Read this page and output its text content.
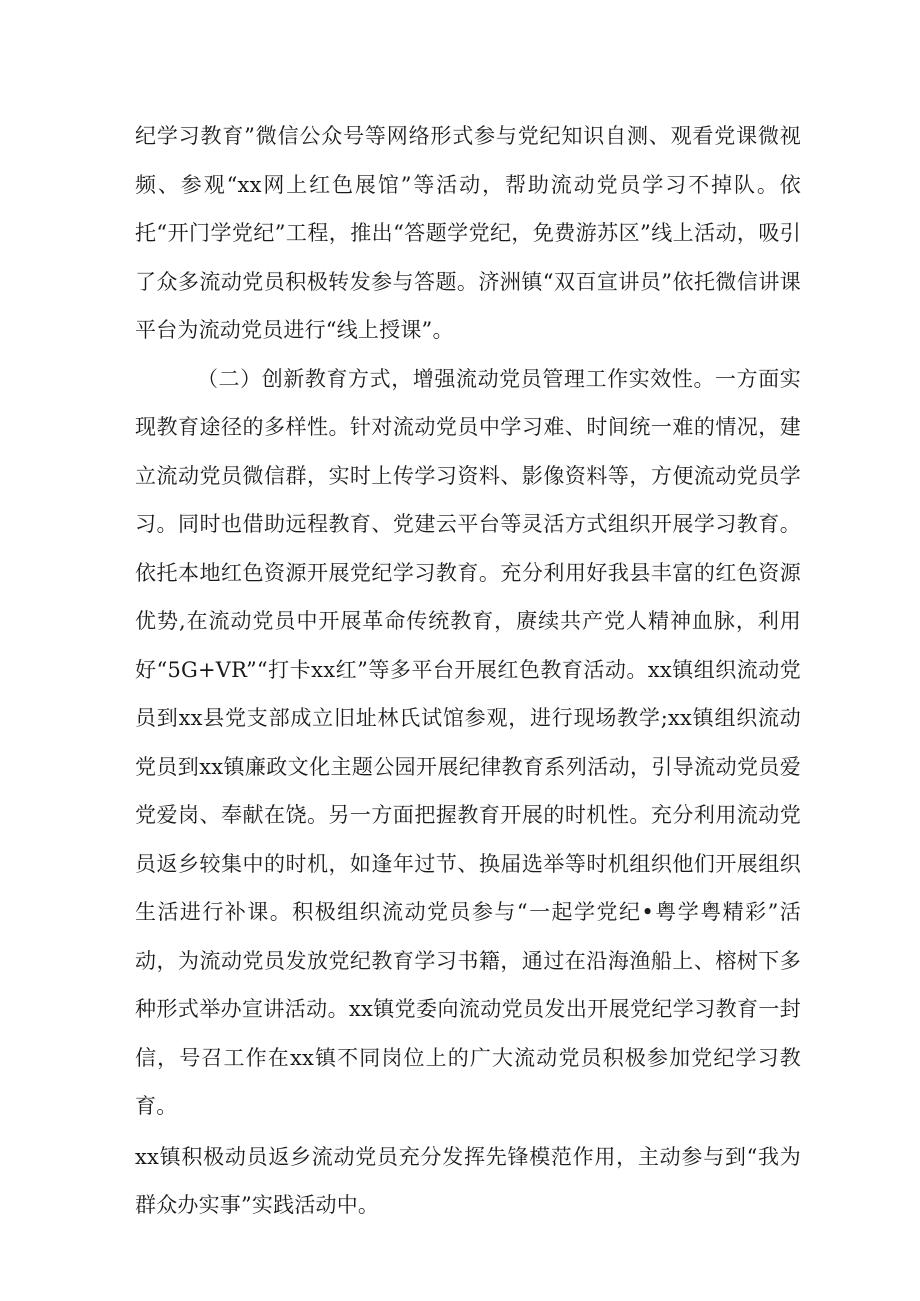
纪学习教育”微信公众号等网络形式参与党纪知识自测、观看党课微视频、参观“xx网上红色展馆”等活动，帮助流动党员学习不掉队。依托“开门学党纪”工程，推出“答题学党纪，免费游苏区”线上活动，吸引了众多流动党员积极转发参与答题。济洲镇“双百宣讲员”依托微信讲课平台为流动党员进行“线上授课”。

（二）创新教育方式，增强流动党员管理工作实效性。一方面实现教育途径的多样性。针对流动党员中学习难、时间统一难的情况，建立流动党员微信群，实时上传学习资料、影像资料等，方便流动党员学习。同时也借助远程教育、党建云平台等灵活方式组织开展学习教育。依托本地红色资源开展党纪学习教育。充分利用好我县丰富的红色资源优势,在流动党员中开展革命传统教育，赓续共产党人精神血脉，利用好“5G+VR”“打卡xx红”等多平台开展红色教育活动。xx镇组织流动党员到xx县党支部成立旧址林氏试馆参观，进行现场教学;xx镇组织流动党员到xx镇廉政文化主题公园开展纪律教育系列活动，引导流动党员爱党爱岗、奉献在饶。另一方面把握教育开展的时机性。充分利用流动党员返乡较集中的时机，如逢年过节、换届选举等时机组织他们开展组织生活进行补课。积极组织流动党员参与“一起学党纪•粤学粤精彩”活动，为流动党员发放党纪教育学习书籍，通过在沿海渔船上、榕树下多种形式举办宣讲活动。xx镇党委向流动党员发出开展党纪学习教育一封信，号召工作在xx镇不同岗位上的广大流动党员积极参加党纪学习教育。

xx镇积极动员返乡流动党员充分发挥先锋模范作用，主动参与到“我为群众办实事”实践活动中。
